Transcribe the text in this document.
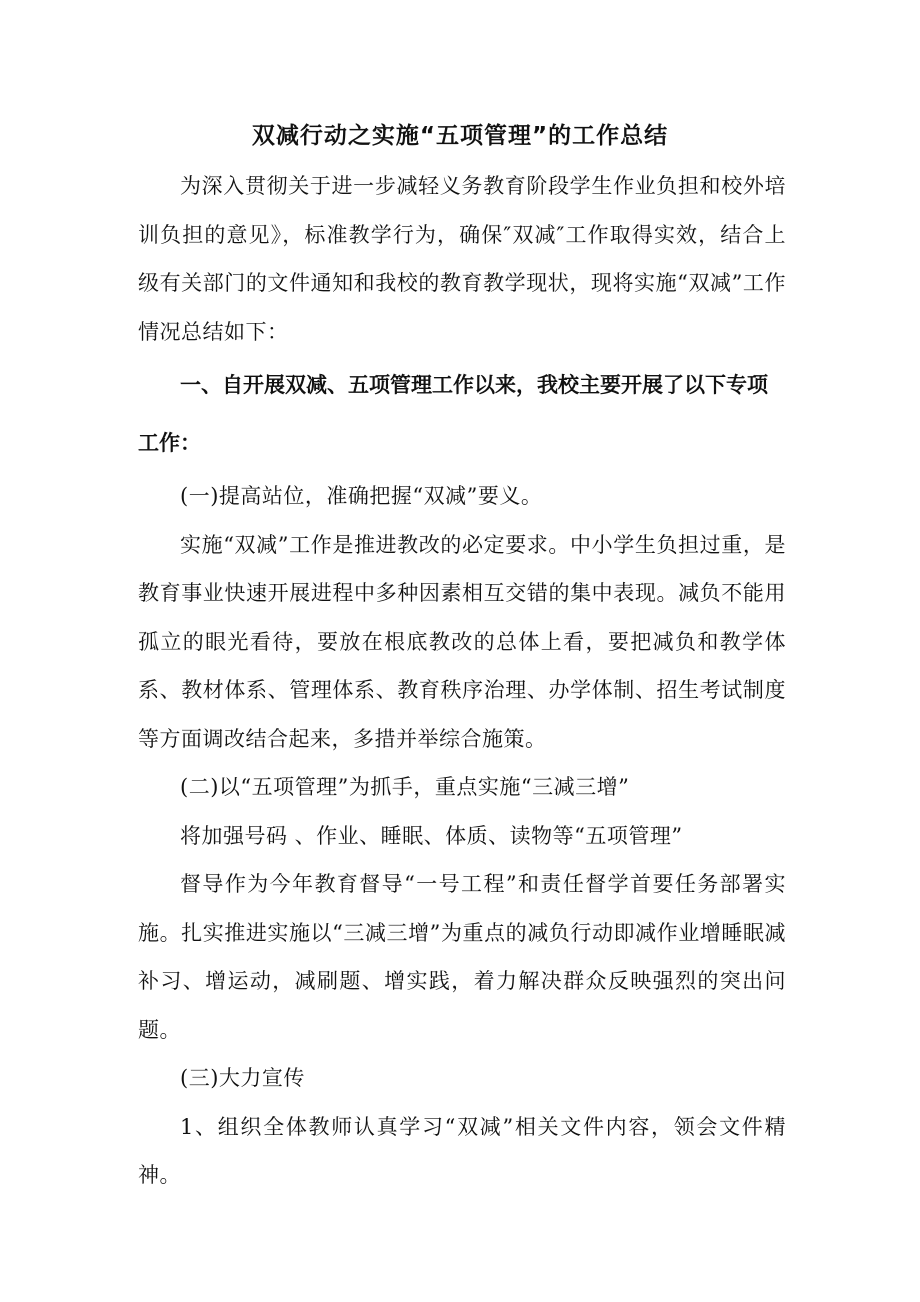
双减行动之实施“五项管理”的工作总结

为深入贯彻关于进一步减轻义务教育阶段学生作业负担和校外培训负担的意见》，标准教学行为，确保″双减″工作取得实效，结合上级有关部门的文件通知和我校的教育教学现状，现将实施“双减”工作情况总结如下：

一、自开展双减、五项管理工作以来，我校主要开展了以下专项工作：

(一)提高站位，准确把握“双减”要义。

实施“双减”工作是推进教改的必定要求。中小学生负担过重，是教育事业快速开展进程中多种因素相互交错的集中表现。减负不能用孤立的眼光看待，要放在根底教改的总体上看，要把减负和教学体系、教材体系、管理体系、教育秩序治理、办学体制、招生考试制度等方面调改结合起来，多措并举综合施策。

(二)以“五项管理”为抓手，重点实施“三减三增”

将加强号码 、作业、睡眠、体质、读物等“五项管理”

督导作为今年教育督导“一号工程”和责任督学首要任务部署实施。扎实推进实施以“三减三增”为重点的减负行动即减作业增睡眠减补习、增运动，减刷题、增实践，着力解决群众反映强烈的突出问题。

(三)大力宣传

1、组织全体教师认真学习“双减”相关文件内容，领会文件精神。
